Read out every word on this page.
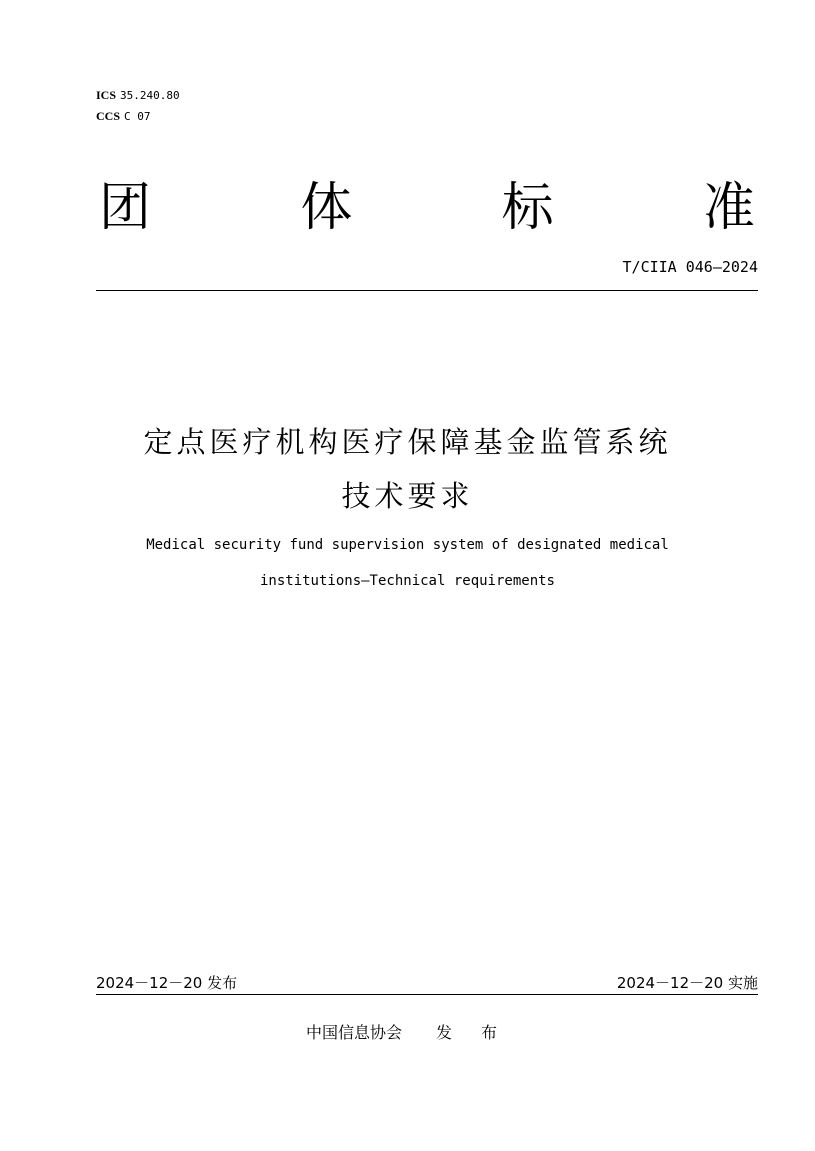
ICS 35.240.80
CCS C 07
团	体	标	准
T/CIIA 046—2024
定点医疗机构医疗保障基金监管系统
技术要求
Medical security fund supervision system of designated medical
institutions—Technical requirements
2024－12－20 发布	2024－12－20 实施
中国信息协会 发 布
